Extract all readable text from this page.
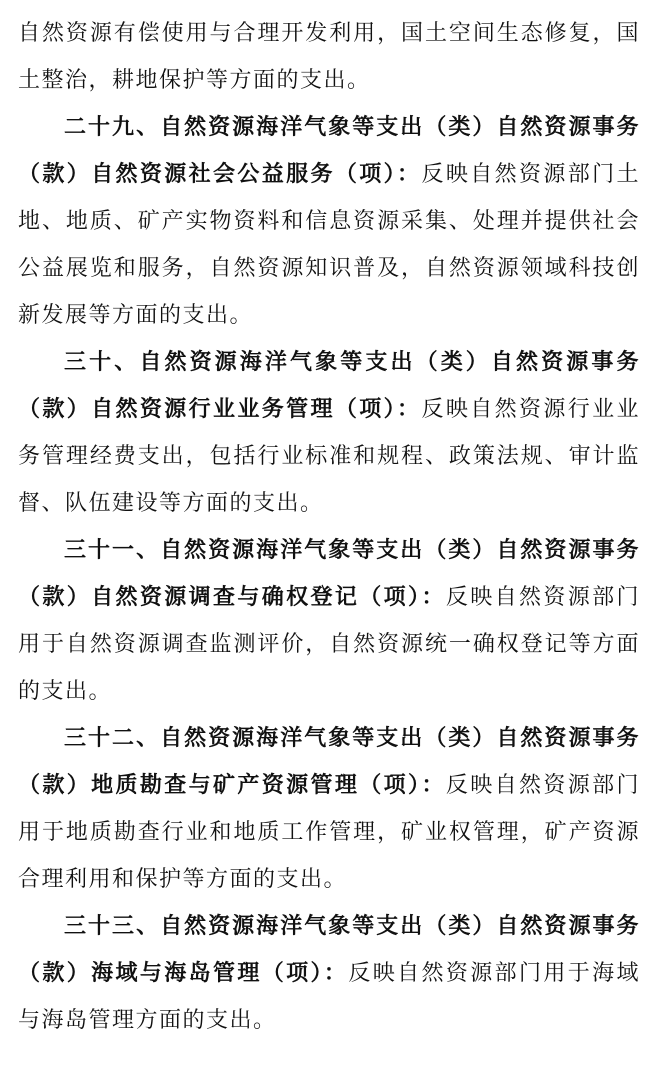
自然资源有偿使用与合理开发利用，国土空间生态修复，国土整治，耕地保护等方面的支出。

二十九、自然资源海洋气象等支出（类）自然资源事务（款）自然资源社会公益服务（项）：反映自然资源部门土地、地质、矿产实物资料和信息资源采集、处理并提供社会公益展览和服务，自然资源知识普及，自然资源领域科技创新发展等方面的支出。

三十、自然资源海洋气象等支出（类）自然资源事务（款）自然资源行业业务管理（项）：反映自然资源行业业务管理经费支出，包括行业标准和规程、政策法规、审计监督、队伍建设等方面的支出。

三十一、自然资源海洋气象等支出（类）自然资源事务（款）自然资源调查与确权登记（项）：反映自然资源部门用于自然资源调查监测评价，自然资源统一确权登记等方面的支出。

三十二、自然资源海洋气象等支出（类）自然资源事务（款）地质勘查与矿产资源管理（项）：反映自然资源部门用于地质勘查行业和地质工作管理，矿业权管理，矿产资源合理利用和保护等方面的支出。

三十三、自然资源海洋气象等支出（类）自然资源事务（款）海域与海岛管理（项）：反映自然资源部门用于海域与海岛管理方面的支出。
